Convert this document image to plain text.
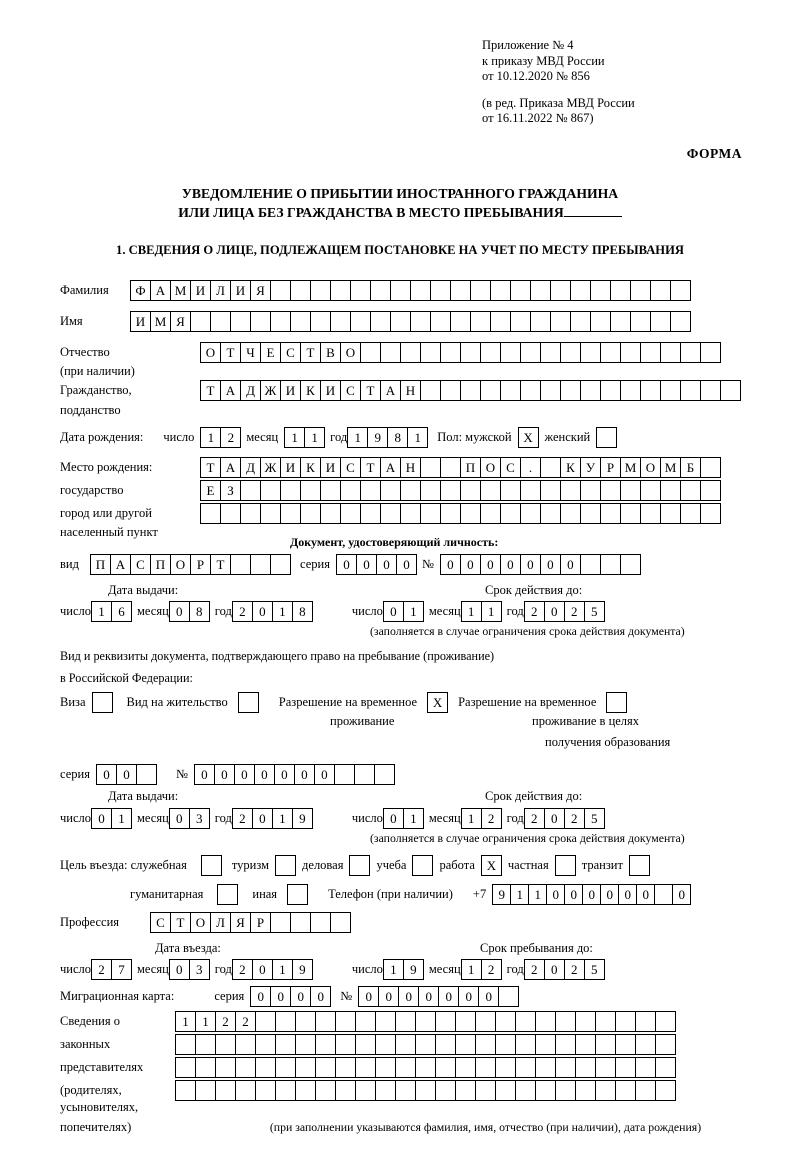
Приложение № 4
к приказу МВД России
от 10.12.2020 № 856
(в ред. Приказа МВД России
от 16.11.2022 № 867)
ФОРМА
УВЕДОМЛЕНИЕ О ПРИБЫТИИ ИНОСТРАННОГО ГРАЖДАНИНА
ИЛИ ЛИЦА БЕЗ ГРАЖДАНСТВА В МЕСТО ПРЕБЫВАНИЯ
1. СВЕДЕНИЯ О ЛИЦЕ, ПОДЛЕЖАЩЕМ ПОСТАНОВКЕ НА УЧЕТ ПО МЕСТУ ПРЕБЫВАНИЯ
Фамилия	Ф А М И Л И Я
Имя	И М Я
Отчество	О Т Ч Е С Т В О
(при наличии)
Гражданство,	Т А Д Ж И К И С Т А Н
подданство
Дата рождения: число	1	2 месяц	1	1 год 1	9	8	1	Пол: мужской Х женский
Место рождения:	Т А Д Ж И К И С Т А Н	П О С	.	К У Р М О М Б
государство	Е З
город или другой
населенный пункт
Документ, удостоверяющий личность:
вид	П А С П О Р Т	серия	0	0	0	0 №	0	0	0	0	0	0	0
Дата выдачи:	Срок действия до:
число 1	6 месяц 0	8 год 2	0	1	8	число 0	1 месяц 1	1 год 2	0	2	5
(заполняется в случае ограничения срока действия документа)
Вид и реквизиты документа, подтверждающего право на пребывание (проживание)
в Российской Федерации:
Виза	Вид на жительство	Разрешение на временное	Х	Разрешение на временное
проживание	проживание в целях
получения образования
серия	0	0	№	0	0	0	0	0	0	0
Дата выдачи:	Срок действия до:
число 0	1 месяц 0	3 год 2	0	1	9	число 0	1 месяц 1	2 год 2	0	2	5
(заполняется в случае ограничения срока действия документа)
Цель въезда: служебная	туризм	деловая	учеба	работа Х частная	транзит
гуманитарная	иная	Телефон (при наличии) +7 9 1 1 0 0 0 0 0 0	0
Профессия	С Т О Л Я Р
Дата въезда:	Срок пребывания до:
число 2	7 месяц 0	3 год 2	0	1	9	число 1	9 месяц 1	2 год 2	0	2	5
Миграционная карта:	серия	0	0	0	0	№	0	0	0	0	0	0	0
Сведения о	1	1	2	2
законных
представителях
(родителях,
усыновителях,
попечителях)	(при заполнении указываются фамилия, имя, отчество (при наличии), дата рождения)
